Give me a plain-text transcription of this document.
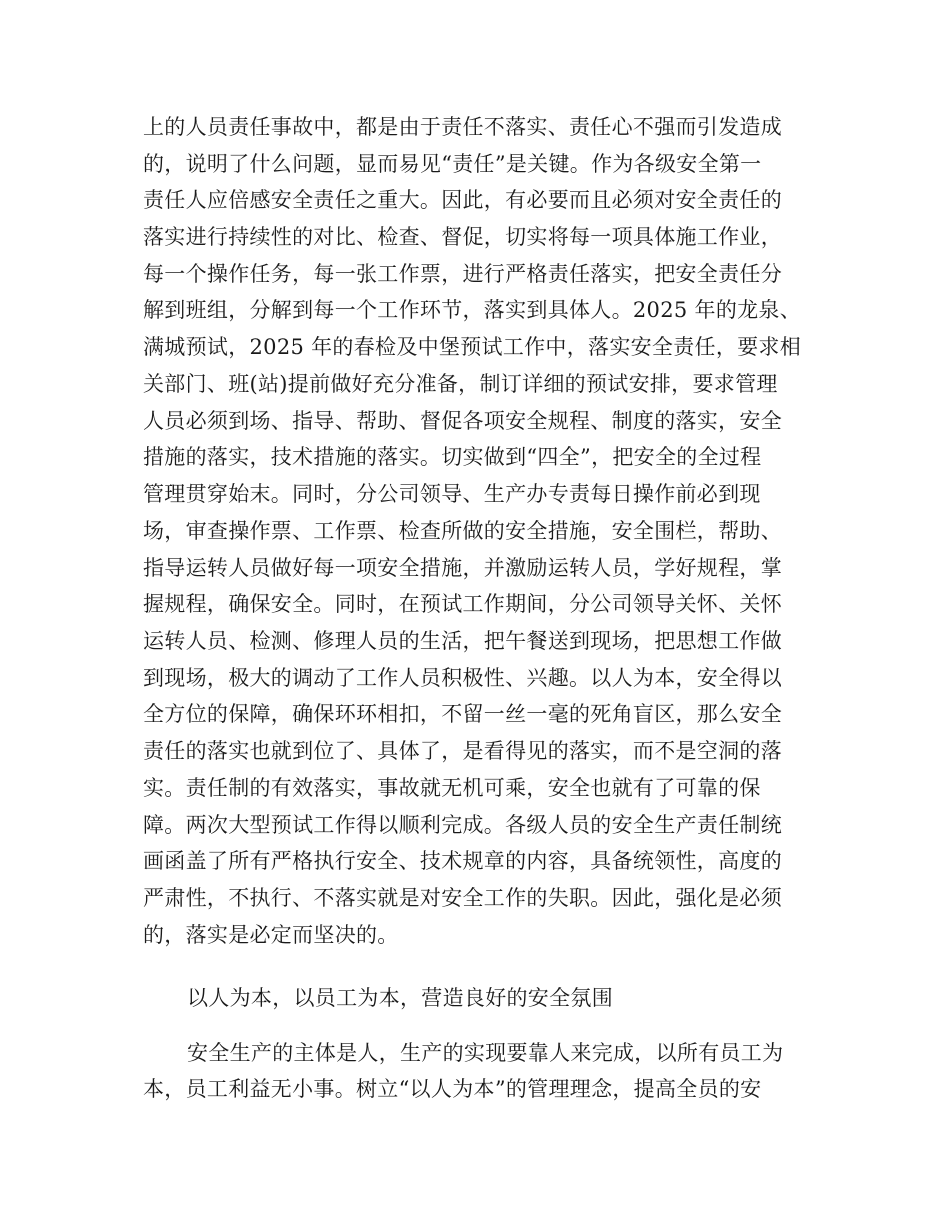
上的人员责任事故中，都是由于责任不落实、责任心不强而引发造成
的，说明了什么问题，显而易见“责任”是关键。作为各级安全第一
责任人应倍感安全责任之重大。因此，有必要而且必须对安全责任的
落实进行持续性的对比、检查、督促，切实将每一项具体施工作业，
每一个操作任务，每一张工作票，进行严格责任落实，把安全责任分
解到班组，分解到每一个工作环节，落实到具体人。2025 年的龙泉、
满城预试，2025 年的春检及中堡预试工作中，落实安全责任，要求相
关部门、班(站)提前做好充分准备，制订详细的预试安排，要求管理
人员必须到场、指导、帮助、督促各项安全规程、制度的落实，安全
措施的落实，技术措施的落实。切实做到“四全”，把安全的全过程
管理贯穿始末。同时，分公司领导、生产办专责每日操作前必到现
场，审查操作票、工作票、检查所做的安全措施，安全围栏，帮助、
指导运转人员做好每一项安全措施，并激励运转人员，学好规程，掌
握规程，确保安全。同时，在预试工作期间，分公司领导关怀、关怀
运转人员、检测、修理人员的生活，把午餐送到现场，把思想工作做
到现场，极大的调动了工作人员积极性、兴趣。以人为本，安全得以
全方位的保障，确保环环相扣，不留一丝一毫的死角盲区，那么安全
责任的落实也就到位了、具体了，是看得见的落实，而不是空洞的落
实。责任制的有效落实，事故就无机可乘，安全也就有了可靠的保
障。两次大型预试工作得以顺利完成。各级人员的安全生产责任制统
画函盖了所有严格执行安全、技术规章的内容，具备统领性，高度的
严肃性，不执行、不落实就是对安全工作的失职。因此，强化是必须
的，落实是必定而坚决的。
以人为本，以员工为本，营造良好的安全氛围
安全生产的主体是人，生产的实现要靠人来完成，以所有员工为
本，员工利益无小事。树立“以人为本”的管理理念，提高全员的安
